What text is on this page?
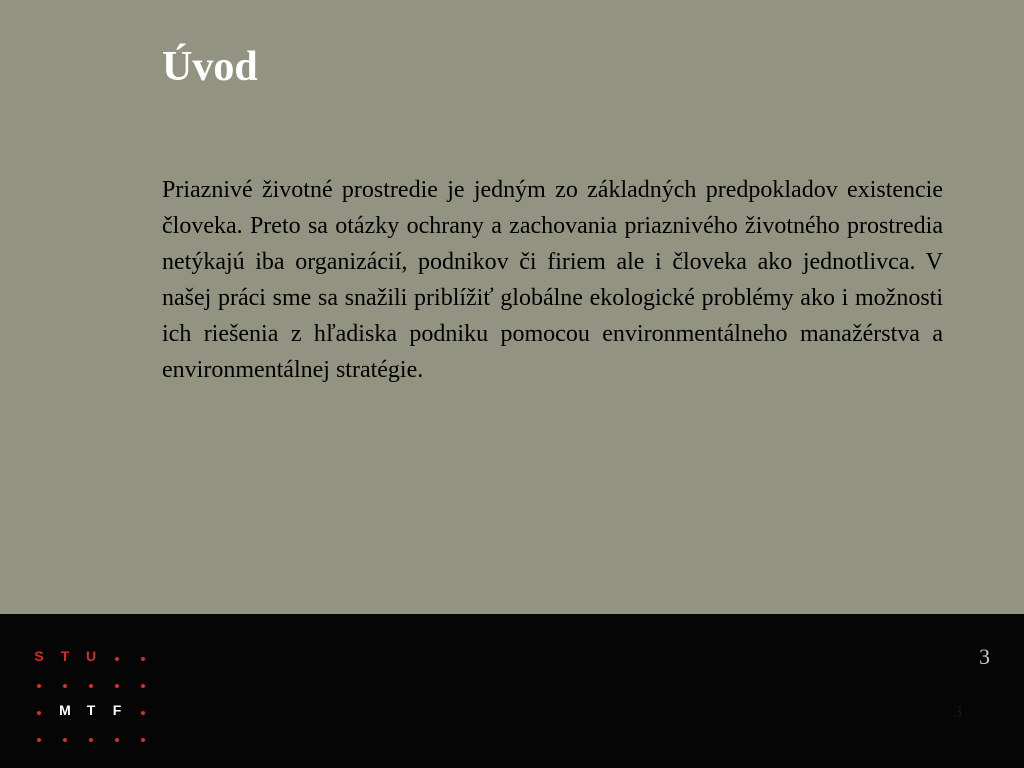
Úvod

Priaznivé životné prostredie je jedným zo základných predpokladov existencie človeka. Preto sa otázky ochrany a zachovania priaznivého životného prostredia netýkajú iba organizácií, podnikov či firiem ale i človeka ako jednotlivca. V našej práci sme sa snažili priblížiť globálne ekologické problémy ako i možnosti ich riešenia z hľadiska podniku pomocou environmentálneho manažérstva a environmentálnej stratégie.

S	T	U
M	T	F
3
3
